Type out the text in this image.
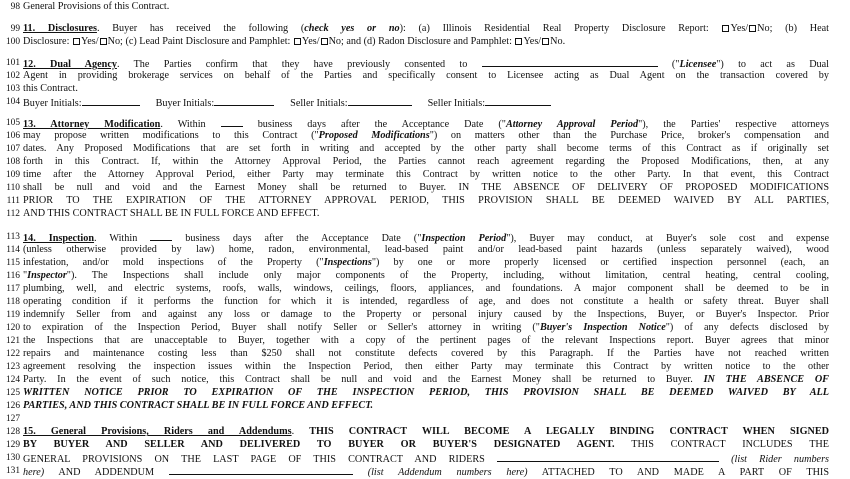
98 General Provisions of this Contract.
99 11. Disclosures. Buyer has received the following (check yes or no): (a) Illinois Residential Real Property Disclosure Report: Yes/ No; (b) Heat
100 Disclosure: Yes/ No; (c) Lead Paint Disclosure and Pamphlet: Yes/ No; and (d) Radon Disclosure and Pamphlet: Yes/ No.
101 12. Dual Agency. The Parties confirm that they have previously consented to	("Licensee") to act as Dual
102 Agent in providing brokerage services on behalf of the Parties and specifically consent to Licensee acting as Dual Agent on the transaction covered by
103 this Contract.
104 Buyer Initials:	Buyer Initials:	Seller Initials:	Seller Initials:
105 13. Attorney Modification. Within  business days after the Acceptance Date ("Attorney Approval Period"), the Parties' respective attorneys
106 may propose written modifications to this Contract ("Proposed Modifications") on matters other than the Purchase Price, broker's compensation and
107 dates. Any Proposed Modifications that are set forth in writing and accepted by the other party shall become terms of this Contract as if originally set
108 forth in this Contract. If, within the Attorney Approval Period, the Parties cannot reach agreement regarding the Proposed Modifications, then, at any
109 time after the Attorney Approval Period, either Party may terminate this Contract by written notice to the other Party. In that event, this Contract
110 shall be null and void and the Earnest Money shall be returned to Buyer. IN THE ABSENCE OF DELIVERY OF PROPOSED MODIFICATIONS
111 PRIOR TO THE EXPIRATION OF THE ATTORNEY APPROVAL PERIOD, THIS PROVISION SHALL BE DEEMED WAIVED BY ALL PARTIES,
112 AND THIS CONTRACT SHALL BE IN FULL FORCE AND EFFECT.
113 14. Inspection. Within  business days after the Acceptance Date ("Inspection Period"), Buyer may conduct, at Buyer's sole cost and expense
114 (unless otherwise provided by law) home, radon, environmental, lead-based paint and/or lead-based paint hazards (unless separately waived), wood
115 infestation, and/or mold inspections of the Property ("Inspections") by one or more properly licensed or certified inspection personnel (each, an
116 "Inspector"). The Inspections shall include only major components of the Property, including, without limitation, central heating, central cooling,
117 plumbing, well, and electric systems, roofs, walls, windows, ceilings, floors, appliances, and foundations. A major component shall be deemed to be in
118 operating condition if it performs the function for which it is intended, regardless of age, and does not constitute a health or safety threat. Buyer shall
119 indemnify Seller from and against any loss or damage to the Property or personal injury caused by the Inspections, Buyer, or Buyer's Inspector. Prior
120 to expiration of the Inspection Period, Buyer shall notify Seller or Seller's attorney in writing ("Buyer's Inspection Notice") of any defects disclosed by
121 the Inspections that are unacceptable to Buyer, together with a copy of the pertinent pages of the relevant Inspections report. Buyer agrees that minor
122 repairs and maintenance costing less than $250 shall not constitute defects covered by this Paragraph. If the Parties have not reached written
123 agreement resolving the inspection issues within the Inspection Period, then either Party may terminate this Contract by written notice to the other
124 Party. In the event of such notice, this Contract shall be null and void and the Earnest Money shall be returned to Buyer. IN THE ABSENCE OF
125 WRITTEN NOTICE PRIOR TO EXPIRATION OF THE INSPECTION PERIOD, THIS PROVISION SHALL BE DEEMED WAIVED BY ALL
126 PARTIES, AND THIS CONTRACT SHALL BE IN FULL FORCE AND EFFECT.
127
128 15. General Provisions, Riders and Addendums. THIS CONTRACT WILL BECOME A LEGALLY BINDING CONTRACT WHEN SIGNED
129 BY BUYER AND SELLER AND DELIVERED TO BUYER OR BUYER'S DESIGNATED AGENT. THIS CONTRACT INCLUDES THE
130 GENERAL PROVISIONS ON THE LAST PAGE OF THIS CONTRACT AND RIDERS	(list Rider numbers
131 here) AND ADDENDUM	(list Addendum numbers here) ATTACHED TO AND MADE A PART OF THIS
